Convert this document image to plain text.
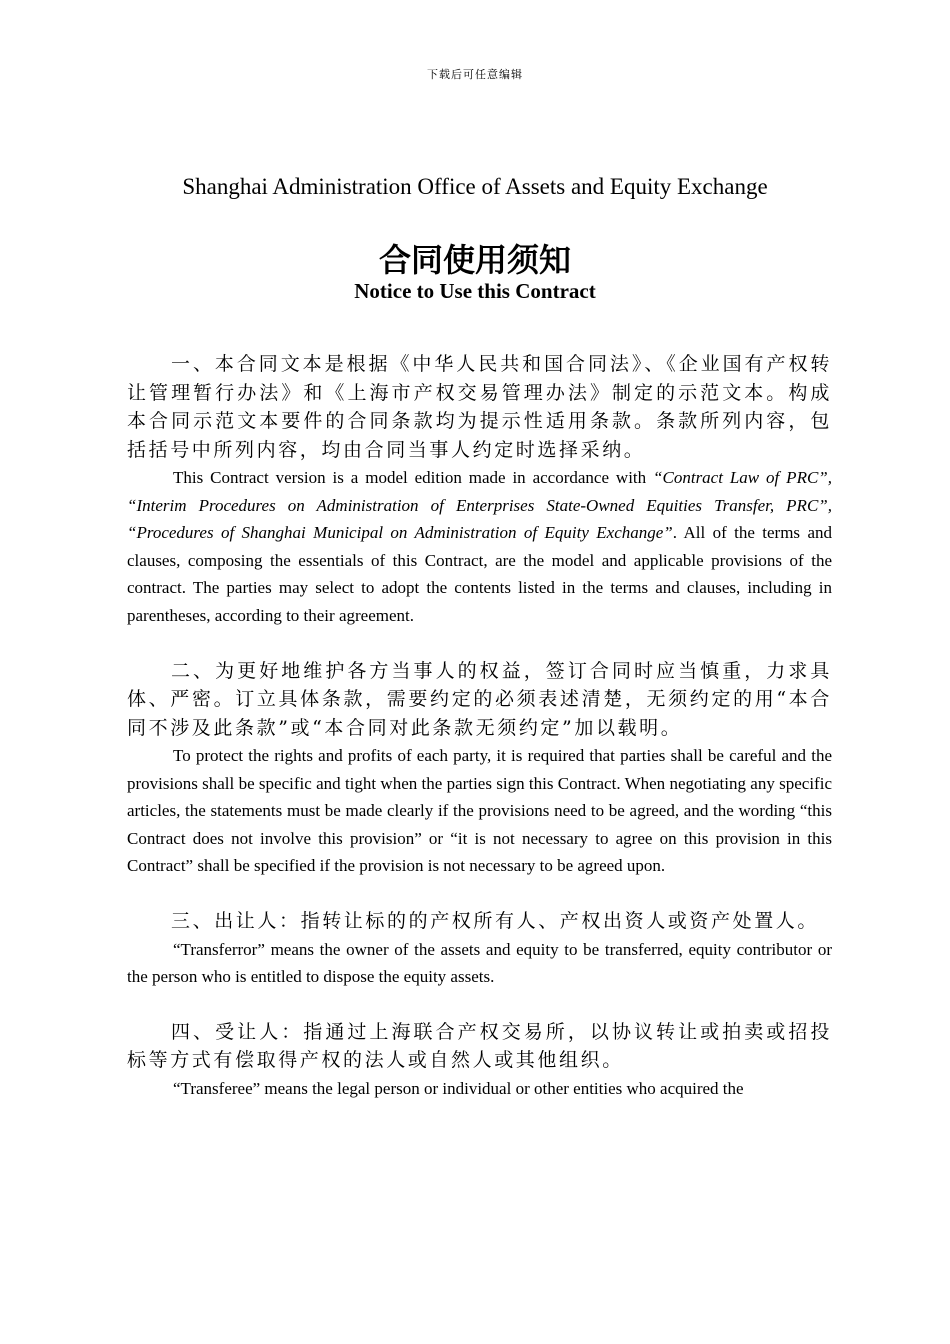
下载后可任意编辑
Shanghai Administration Office of Assets and Equity Exchange
合同使用须知
Notice to Use this Contract

一、本合同文本是根据《中华人民共和国合同法》、《企业国有产权转让管理暂行办法》和《上海市产权交易管理办法》制定的示范文本。构成本合同示范文本要件的合同条款均为提示性适用条款。条款所列内容，包括括号中所列内容，均由合同当事人约定时选择采纳。

This Contract version is a model edition made in accordance with “Contract Law of PRC”, “Interim Procedures on Administration of Enterprises State-Owned Equities Transfer, PRC”, “Procedures of Shanghai Municipal on Administration of Equity Exchange”. All of the terms and clauses, composing the essentials of this Contract, are the model and applicable provisions of the contract. The parties may select to adopt the contents listed in the terms and clauses, including in parentheses, according to their agreement.

二、为更好地维护各方当事人的权益，签订合同时应当慎重，力求具体、严密。订立具体条款，需要约定的必须表述清楚，无须约定的用“本合同不涉及此条款”或“本合同对此条款无须约定”加以载明。

To protect the rights and profits of each party, it is required that parties shall be careful and the provisions shall be specific and tight when the parties sign this Contract. When negotiating any specific articles, the statements must be made clearly if the provisions need to be agreed, and the wording “this Contract does not involve this provision” or “it is not necessary to agree on this provision in this Contract” shall be specified if the provision is not necessary to be agreed upon.

三、出让人：指转让标的的产权所有人、产权出资人或资产处置人。

“Transferror” means the owner of the assets and equity to be transferred, equity contributor or the person who is entitled to dispose the equity assets.

四、受让人：指通过上海联合产权交易所，以协议转让或拍卖或招投标等方式有偿取得产权的法人或自然人或其他组织。

“Transferee” means the legal person or individual or other entities who acquired the
